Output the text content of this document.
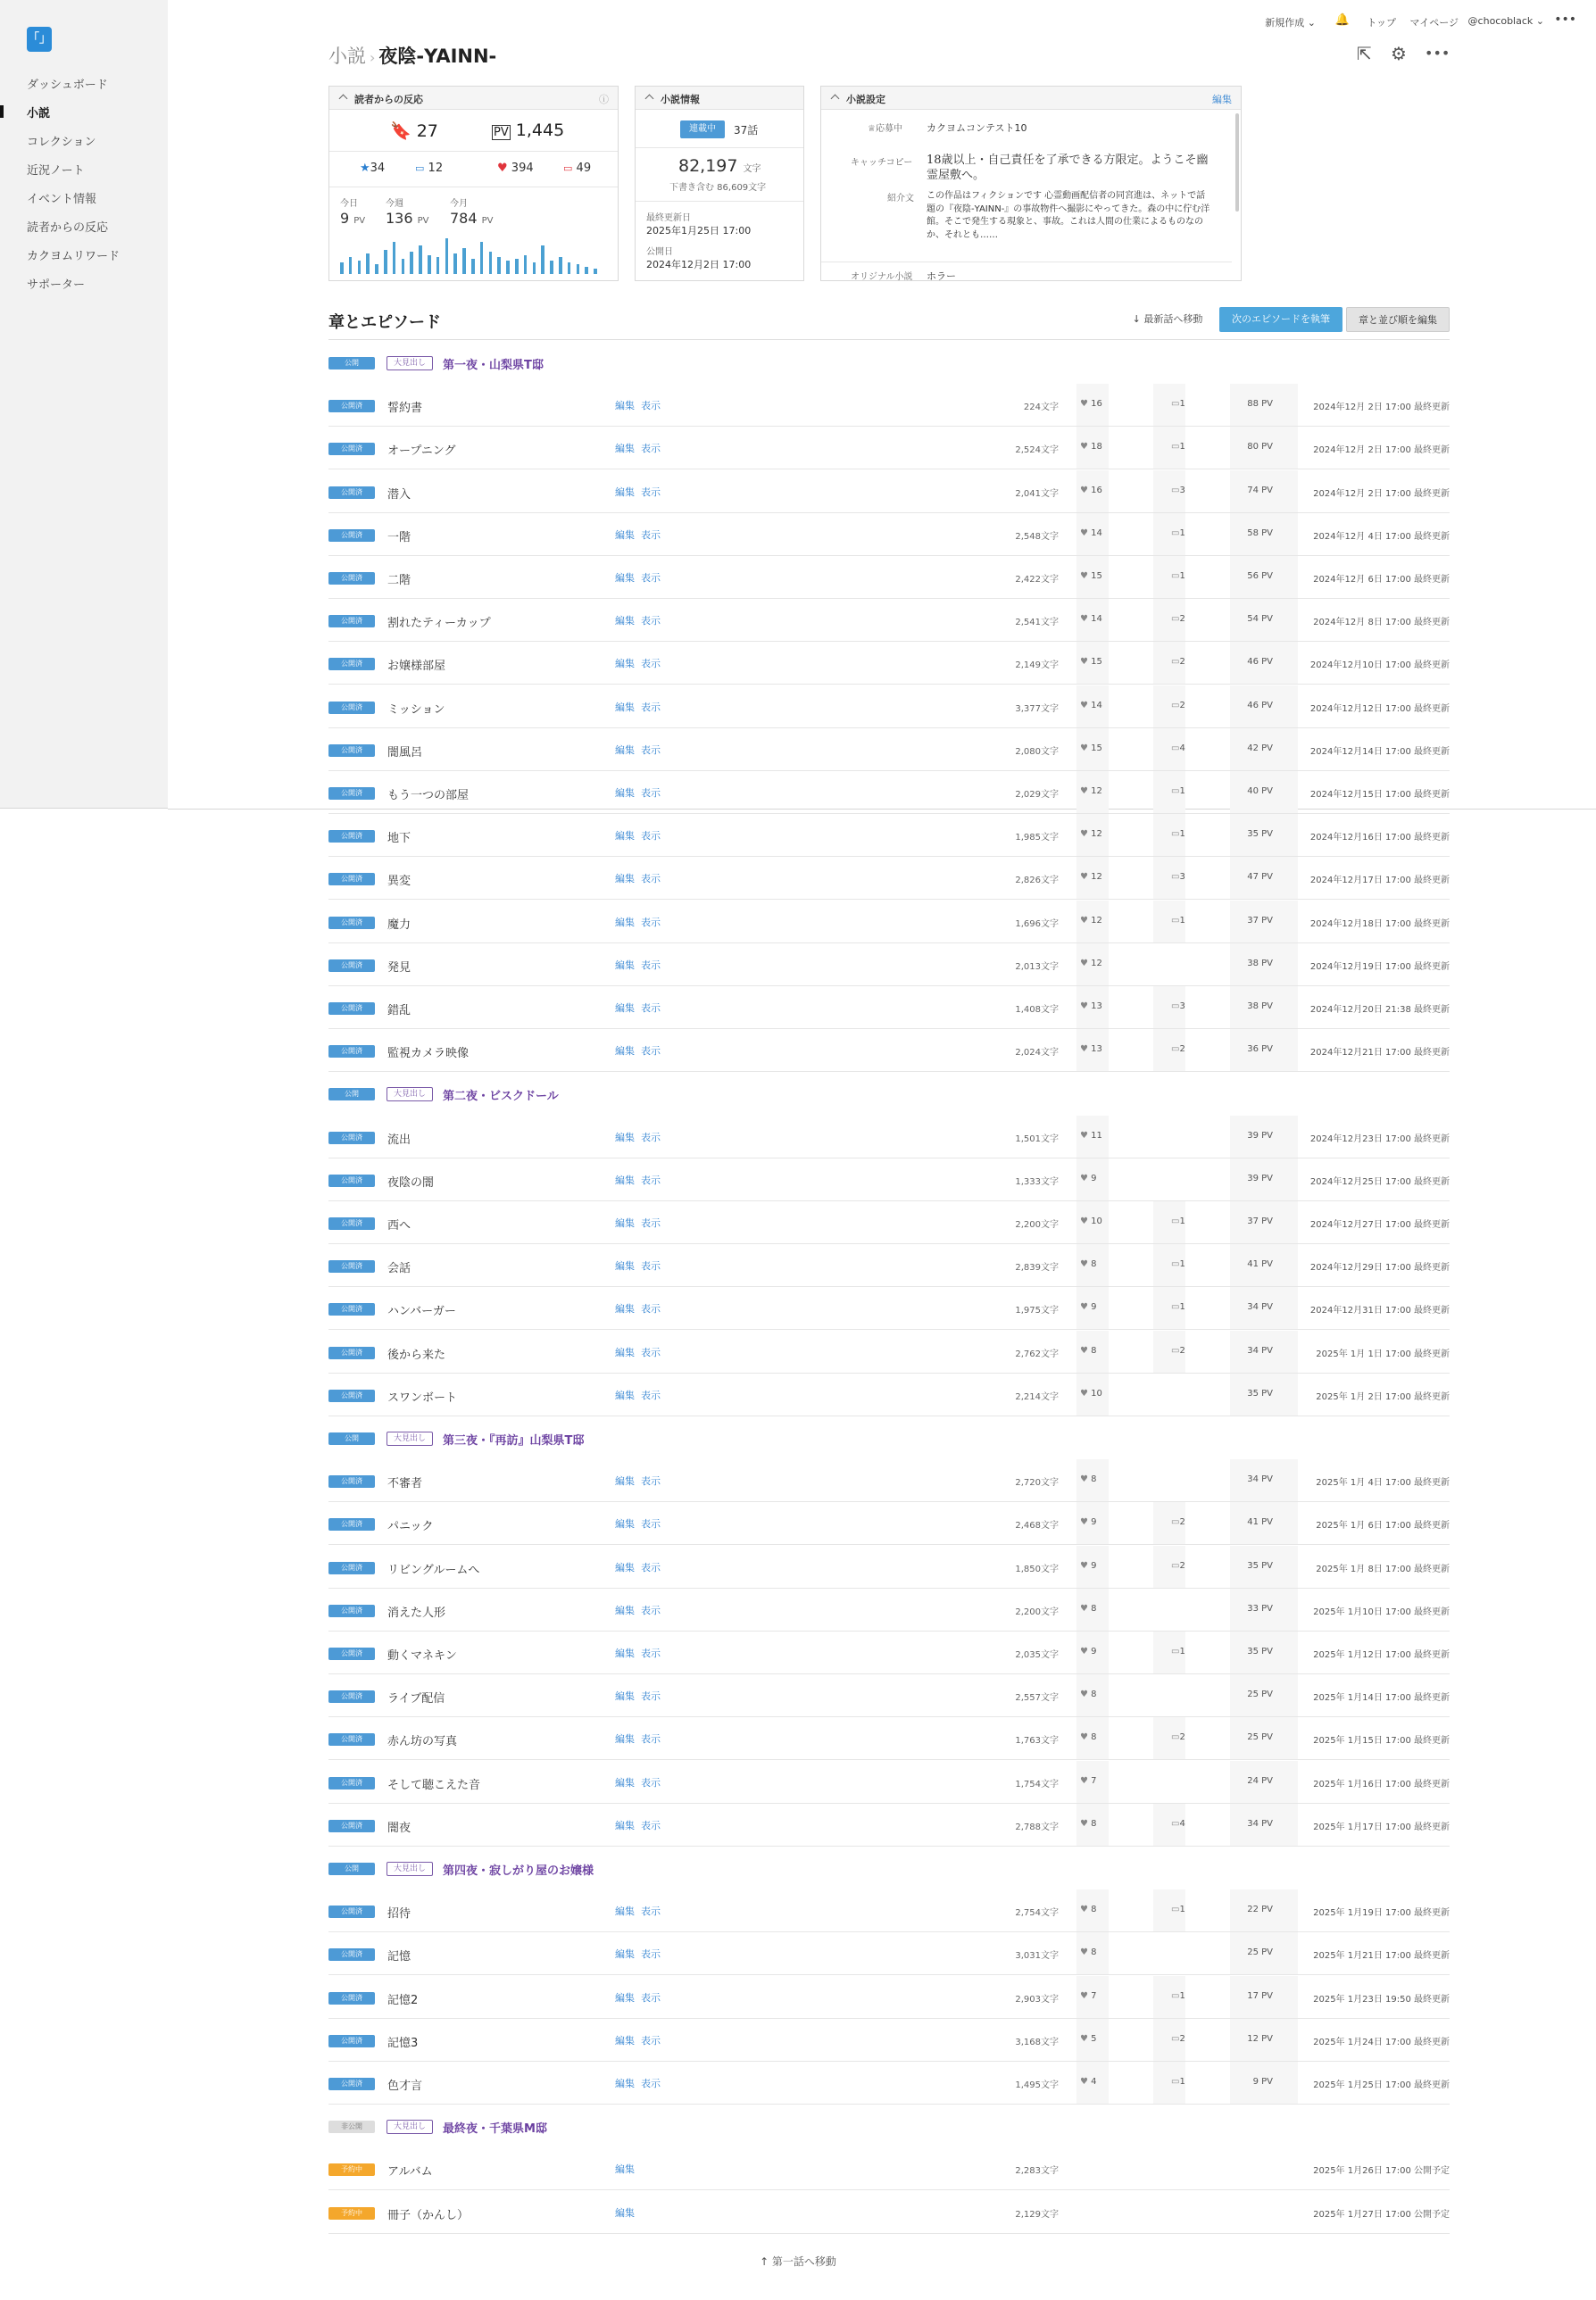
「」
ダッシュボード
小説
コレクション
近況ノート
イベント情報
読者からの反応
カクヨムリワード
サポーター
新規作成 ⌄ 🔔 トップ マイページ @chocoblack ⌄ •••
小説 › 夜陰-YAINN-	⇱ ⚙ •••
読者からの反応	ⓘ
🔖 27	PV 1,445
★34	▭ 12	♥ 394	▭ 49
今日	今週	今月
9 PV 136 PV 784 PV
小説情報
連載中	37話
82,197 文字
下書き含む 86,609文字
最終更新日
2025年1月25日 17:00
公開日
2024年12月2日 17:00
小説設定	編集
♕応募中 カクヨムコンテスト10
キャッチコピー 18歳以上・自己責任を了承できる方限定。ようこそ幽霊屋敷へ。
紹介文 この作品はフィクションです 心霊動画配信者の同宮進は、ネットで話題の『夜陰-YAINN-』の事故物件へ撮影にやってきた。森の中に佇む洋館。そこで発生する現象と、事故。これは人間の仕業によるものなのか、それとも……
オリジナル小説 ホラー
章とエピソード	↓ 最新話へ移動	次のエピソードを執筆	章と並び順を編集
公開	大見出し	第一夜・山梨県T邸
公開済	誓約書	編集 表示	224文字 ♥ 16	▭1	88 PV	2024年12月 2日 17:00 最終更新
公開済	オープニング	編集 表示	2,524文字 ♥ 18	▭1	80 PV	2024年12月 2日 17:00 最終更新
公開済	潜入	編集 表示	2,041文字 ♥ 16	▭3	74 PV	2024年12月 2日 17:00 最終更新
公開済	一階	編集 表示	2,548文字 ♥ 14	▭1	58 PV	2024年12月 4日 17:00 最終更新
公開済	二階	編集 表示	2,422文字 ♥ 15	▭1	56 PV	2024年12月 6日 17:00 最終更新
公開済	割れたティーカップ	編集 表示	2,541文字 ♥ 14	▭2	54 PV	2024年12月 8日 17:00 最終更新
公開済	お嬢様部屋	編集 表示	2,149文字 ♥ 15	▭2	46 PV	2024年12月10日 17:00 最終更新
公開済	ミッション	編集 表示	3,377文字 ♥ 14	▭2	46 PV	2024年12月12日 17:00 最終更新
公開済	闇風呂	編集 表示	2,080文字 ♥ 15	▭4	42 PV	2024年12月14日 17:00 最終更新
公開済	もう一つの部屋	編集 表示	2,029文字 ♥ 12	▭1	40 PV	2024年12月15日 17:00 最終更新
公開済	地下	編集 表示	1,985文字 ♥ 12	▭1	35 PV	2024年12月16日 17:00 最終更新
公開済	異変	編集 表示	2,826文字 ♥ 12	▭3	47 PV	2024年12月17日 17:00 最終更新
公開済	魔力	編集 表示	1,696文字 ♥ 12	▭1	37 PV	2024年12月18日 17:00 最終更新
公開済	発見	編集 表示	2,013文字 ♥ 12	38 PV	2024年12月19日 17:00 最終更新
公開済	錯乱	編集 表示	1,408文字 ♥ 13	▭3	38 PV	2024年12月20日 21:38 最終更新
公開済	監視カメラ映像	編集 表示	2,024文字 ♥ 13	▭2	36 PV	2024年12月21日 17:00 最終更新
公開	大見出し	第二夜・ビスクドール
公開済	流出	編集 表示	1,501文字 ♥ 11	39 PV	2024年12月23日 17:00 最終更新
公開済	夜陰の闇	編集 表示	1,333文字 ♥ 9	39 PV	2024年12月25日 17:00 最終更新
公開済	西へ	編集 表示	2,200文字 ♥ 10	▭1	37 PV	2024年12月27日 17:00 最終更新
公開済	会話	編集 表示	2,839文字 ♥ 8	▭1	41 PV	2024年12月29日 17:00 最終更新
公開済	ハンバーガー	編集 表示	1,975文字 ♥ 9	▭1	34 PV	2024年12月31日 17:00 最終更新
公開済	後から来た	編集 表示	2,762文字 ♥ 8	▭2	34 PV	2025年 1月 1日 17:00 最終更新
公開済	スワンボート	編集 表示	2,214文字 ♥ 10	35 PV	2025年 1月 2日 17:00 最終更新
公開	大見出し	第三夜・『再訪』山梨県T邸
公開済	不審者	編集 表示	2,720文字 ♥ 8	34 PV	2025年 1月 4日 17:00 最終更新
公開済	パニック	編集 表示	2,468文字 ♥ 9	▭2	41 PV	2025年 1月 6日 17:00 最終更新
公開済	リビングルームへ	編集 表示	1,850文字 ♥ 9	▭2	35 PV	2025年 1月 8日 17:00 最終更新
公開済	消えた人形	編集 表示	2,200文字 ♥ 8	33 PV	2025年 1月10日 17:00 最終更新
公開済	動くマネキン	編集 表示	2,035文字 ♥ 9	▭1	35 PV	2025年 1月12日 17:00 最終更新
公開済	ライブ配信	編集 表示	2,557文字 ♥ 8	25 PV	2025年 1月14日 17:00 最終更新
公開済	赤ん坊の写真	編集 表示	1,763文字 ♥ 8	▭2	25 PV	2025年 1月15日 17:00 最終更新
公開済	そして聴こえた音	編集 表示	1,754文字 ♥ 7	24 PV	2025年 1月16日 17:00 最終更新
公開済	闇夜	編集 表示	2,788文字 ♥ 8	▭4	34 PV	2025年 1月17日 17:00 最終更新
公開	大見出し	第四夜・寂しがり屋のお嬢様
公開済	招待	編集 表示	2,754文字 ♥ 8	▭1	22 PV	2025年 1月19日 17:00 最終更新
公開済	記憶	編集 表示	3,031文字 ♥ 8	25 PV	2025年 1月21日 17:00 最終更新
公開済	記憶2	編集 表示	2,903文字 ♥ 7	▭1	17 PV	2025年 1月23日 19:50 最終更新
公開済	記憶3	編集 表示	3,168文字 ♥ 5	▭2	12 PV	2025年 1月24日 17:00 最終更新
公開済	色才言	編集 表示	1,495文字 ♥ 4	▭1	9 PV	2025年 1月25日 17:00 最終更新
非公開	大見出し	最終夜・千葉県M邸
予約中	アルバム	編集	2,283文字	2025年 1月26日 17:00 公開予定
予約中	冊子（かんし）	編集	2,129文字	2025年 1月27日 17:00 公開予定
↑ 第一話へ移動
